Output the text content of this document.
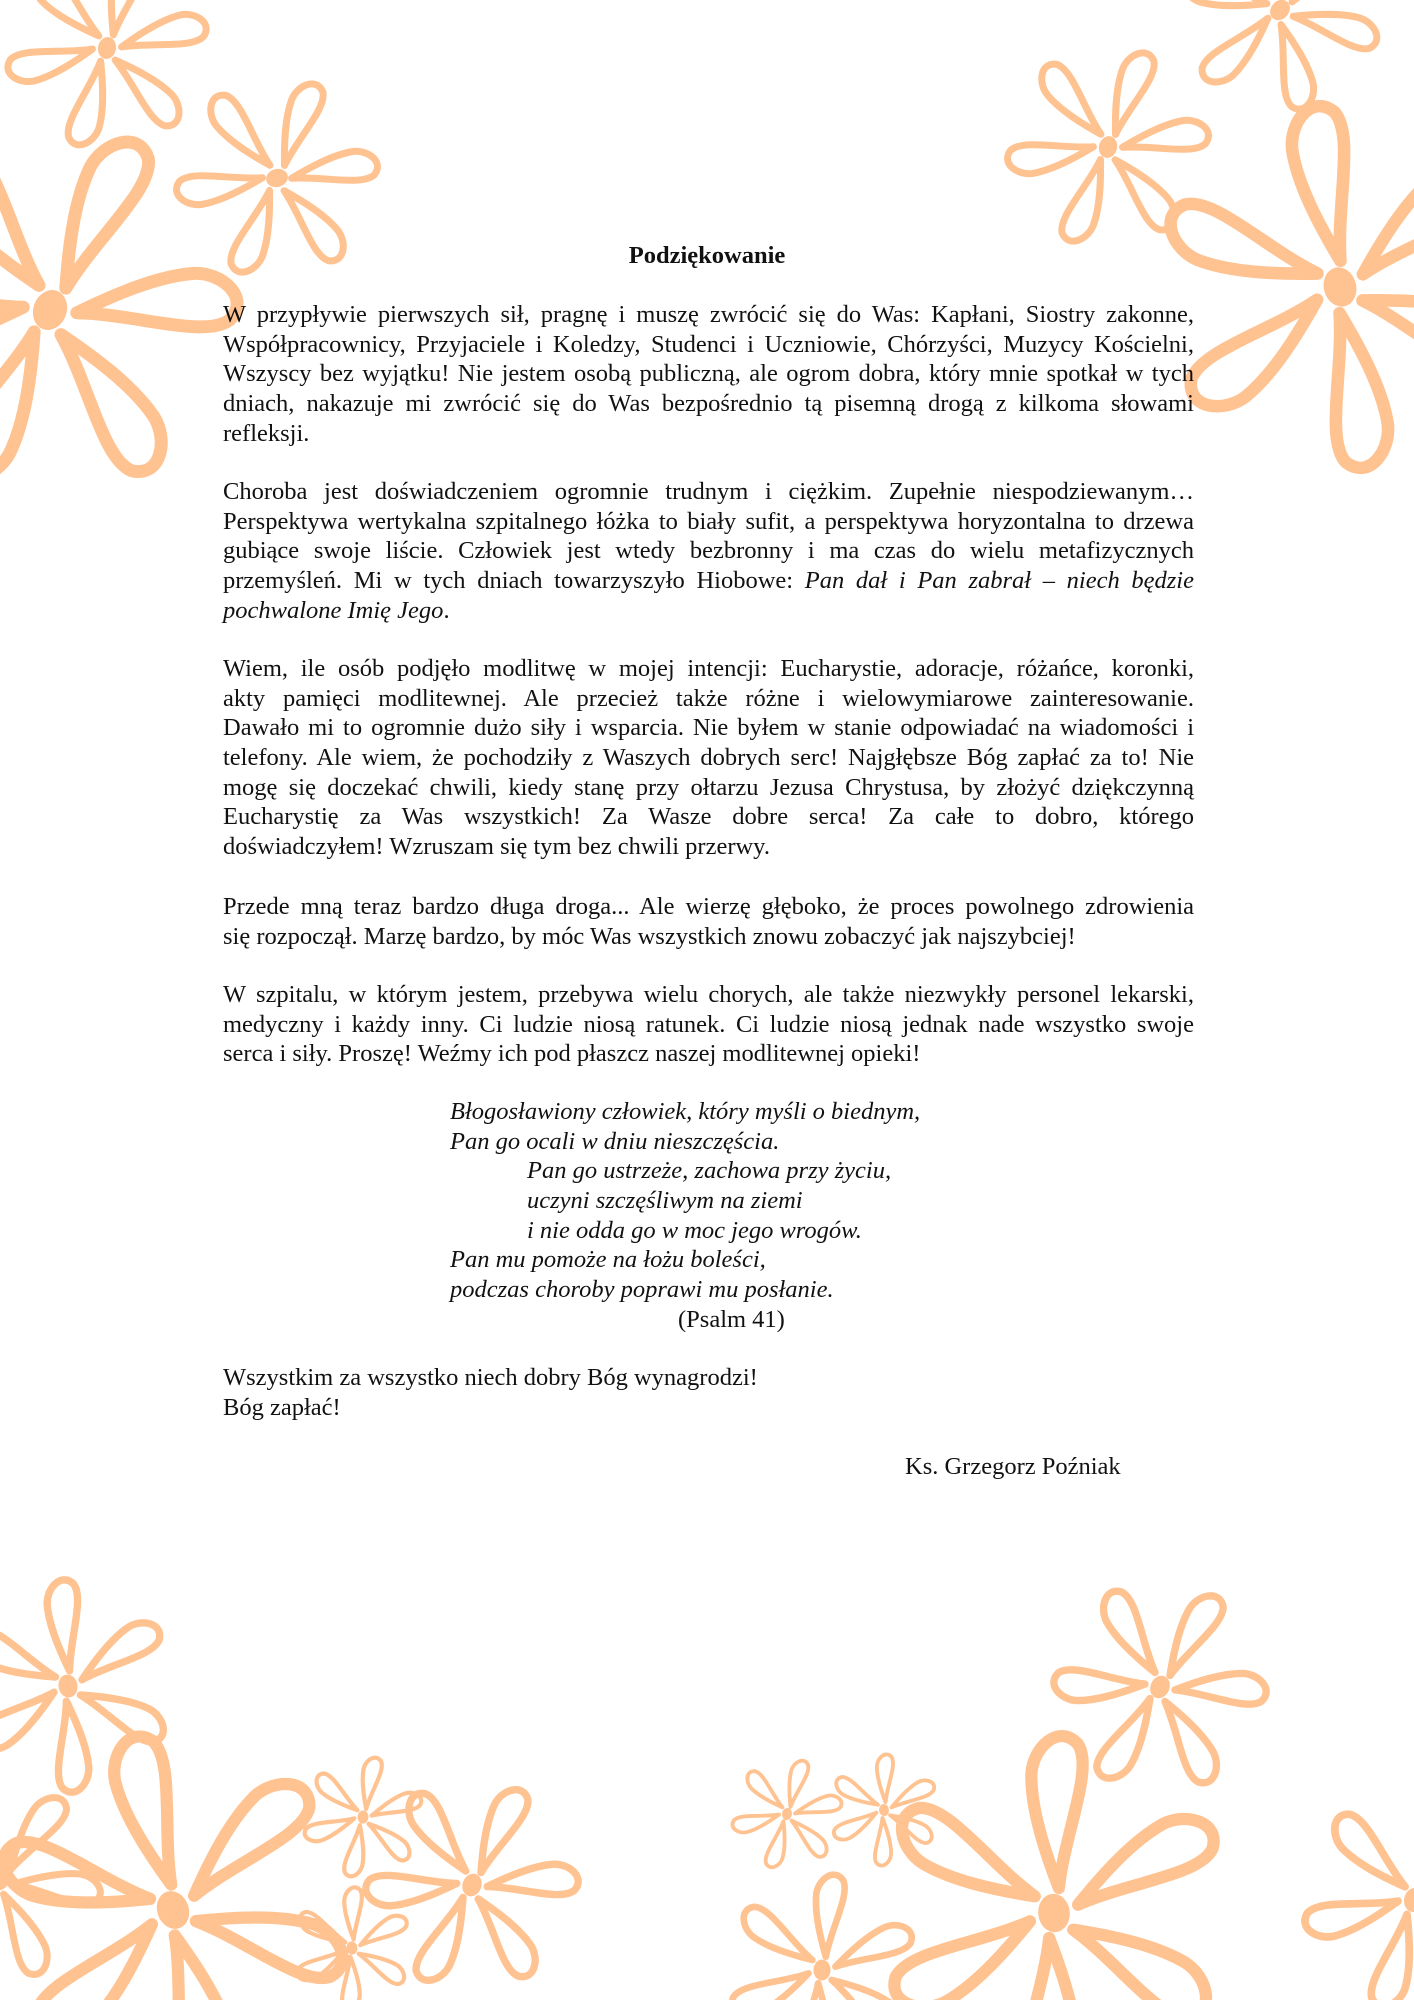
Podziękowanie
W przypływie pierwszych sił, pragnę i muszę zwrócić się do Was: Kapłani, Siostry zakonne,
Współpracownicy, Przyjaciele i Koledzy, Studenci i Uczniowie, Chórzyści, Muzycy Kościelni,
Wszyscy bez wyjątku! Nie jestem osobą publiczną, ale ogrom dobra, który mnie spotkał w tych
dniach, nakazuje mi zwrócić się do Was bezpośrednio tą pisemną drogą z kilkoma słowami
refleksji.
Choroba jest doświadczeniem ogromnie trudnym i ciężkim. Zupełnie niespodziewanym…
Perspektywa wertykalna szpitalnego łóżka to biały sufit, a perspektywa horyzontalna to drzewa
gubiące swoje liście. Człowiek jest wtedy bezbronny i ma czas do wielu metafizycznych
przemyśleń. Mi w tych dniach towarzyszyło Hiobowe: Pan dał i Pan zabrał – niech będzie
pochwalone Imię Jego.
Wiem, ile osób podjęło modlitwę w mojej intencji: Eucharystie, adoracje, różańce, koronki,
akty pamięci modlitewnej. Ale przecież także różne i wielowymiarowe zainteresowanie.
Dawało mi to ogromnie dużo siły i wsparcia. Nie byłem w stanie odpowiadać na wiadomości i
telefony. Ale wiem, że pochodziły z Waszych dobrych serc! Najgłębsze Bóg zapłać za to! Nie
mogę się doczekać chwili, kiedy stanę przy ołtarzu Jezusa Chrystusa, by złożyć dziękczynną
Eucharystię za Was wszystkich! Za Wasze dobre serca! Za całe to dobro, którego
doświadczyłem! Wzruszam się tym bez chwili przerwy.
Przede mną teraz bardzo długa droga... Ale wierzę głęboko, że proces powolnego zdrowienia
się rozpoczął. Marzę bardzo, by móc Was wszystkich znowu zobaczyć jak najszybciej!
W szpitalu, w którym jestem, przebywa wielu chorych, ale także niezwykły personel lekarski,
medyczny i każdy inny. Ci ludzie niosą ratunek. Ci ludzie niosą jednak nade wszystko swoje
serca i siły. Proszę! Weźmy ich pod płaszcz naszej modlitewnej opieki!
Błogosławiony człowiek, który myśli o biednym,
Pan go ocali w dniu nieszczęścia.
Pan go ustrzeże, zachowa przy życiu,
uczyni szczęśliwym na ziemi
i nie odda go w moc jego wrogów.
Pan mu pomoże na łożu boleści,
podczas choroby poprawi mu posłanie.
(Psalm 41)
Wszystkim za wszystko niech dobry Bóg wynagrodzi!
Bóg zapłać!
Ks. Grzegorz Poźniak
